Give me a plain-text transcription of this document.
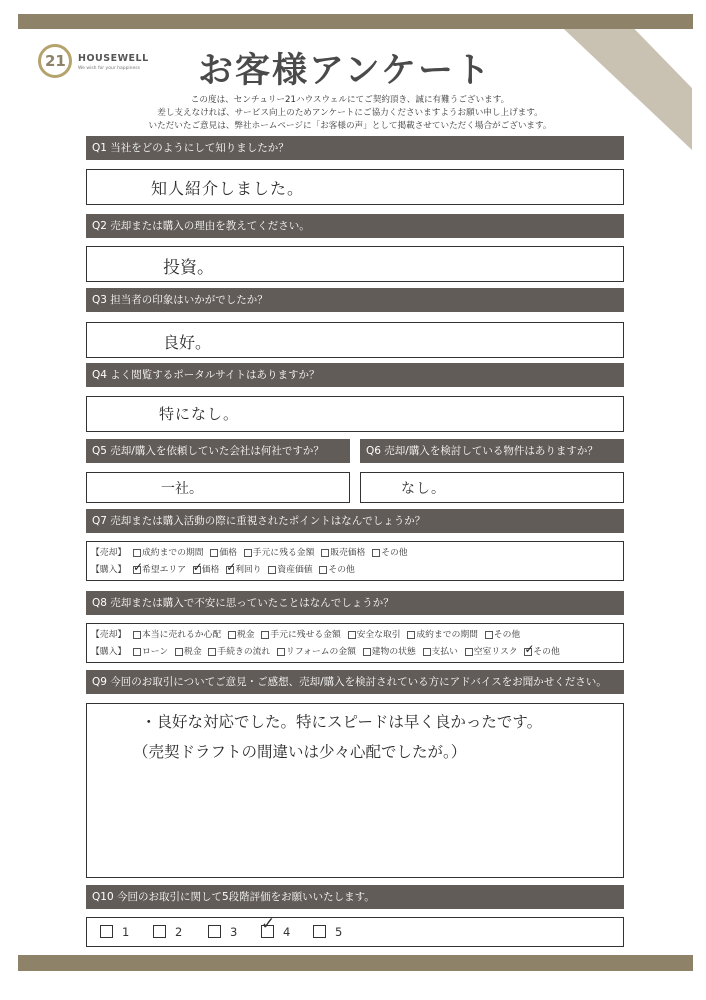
21 HOUSEWELL
We wish for your happiness	お客様アンケート
この度は、センチュリー21ハウスウェルにてご契約頂き、誠に有難うございます。
差し支えなければ、サービス向上のためアンケートにご協力くださいますようお願い申し上げます。
いただいたご意見は、弊社ホームページに「お客様の声」として掲載させていただく場合がございます。
Q1 当社をどのようにして知りましたか？
知人紹介しました。
Q2 売却または購入の理由を教えてください。
投資。
Q3 担当者の印象はいかがでしたか？
良好。
Q4 よく閲覧するポータルサイトはありますか？
特になし。
Q5 売却/購入を依頼していた会社は何社ですか？	Q6 売却/購入を検討している物件はありますか？
一社。	なし。
Q7 売却または購入活動の際に重視されたポイントはなんでしょうか？
【売却】 成約までの期間 価格 手元に残る金額 販売価格 その他
【購入】 ✓
希望エリア ✓
価格 ✓
利回り 資産価値 その他
Q8 売却または購入で不安に思っていたことはなんでしょうか？
【売却】 本当に売れるか心配 税金 手元に残せる金額 安全な取引 成約までの期間 その他
【購入】 ローン 税金 手続きの流れ リフォームの金額 建物の状態 支払い 空室リスク ✓
その他
Q9 今回のお取引についてご意見・ご感想、売却/購入を検討されている方にアドバイスをお聞かせください。
・良好な対応でした。特にスピードは早く良かったです。
（売契ドラフトの間違いは少々心配でしたが。）
Q10 今回のお取引に関して5段階評価をお願いいたします。
1	2	3 ✓ 4	5
